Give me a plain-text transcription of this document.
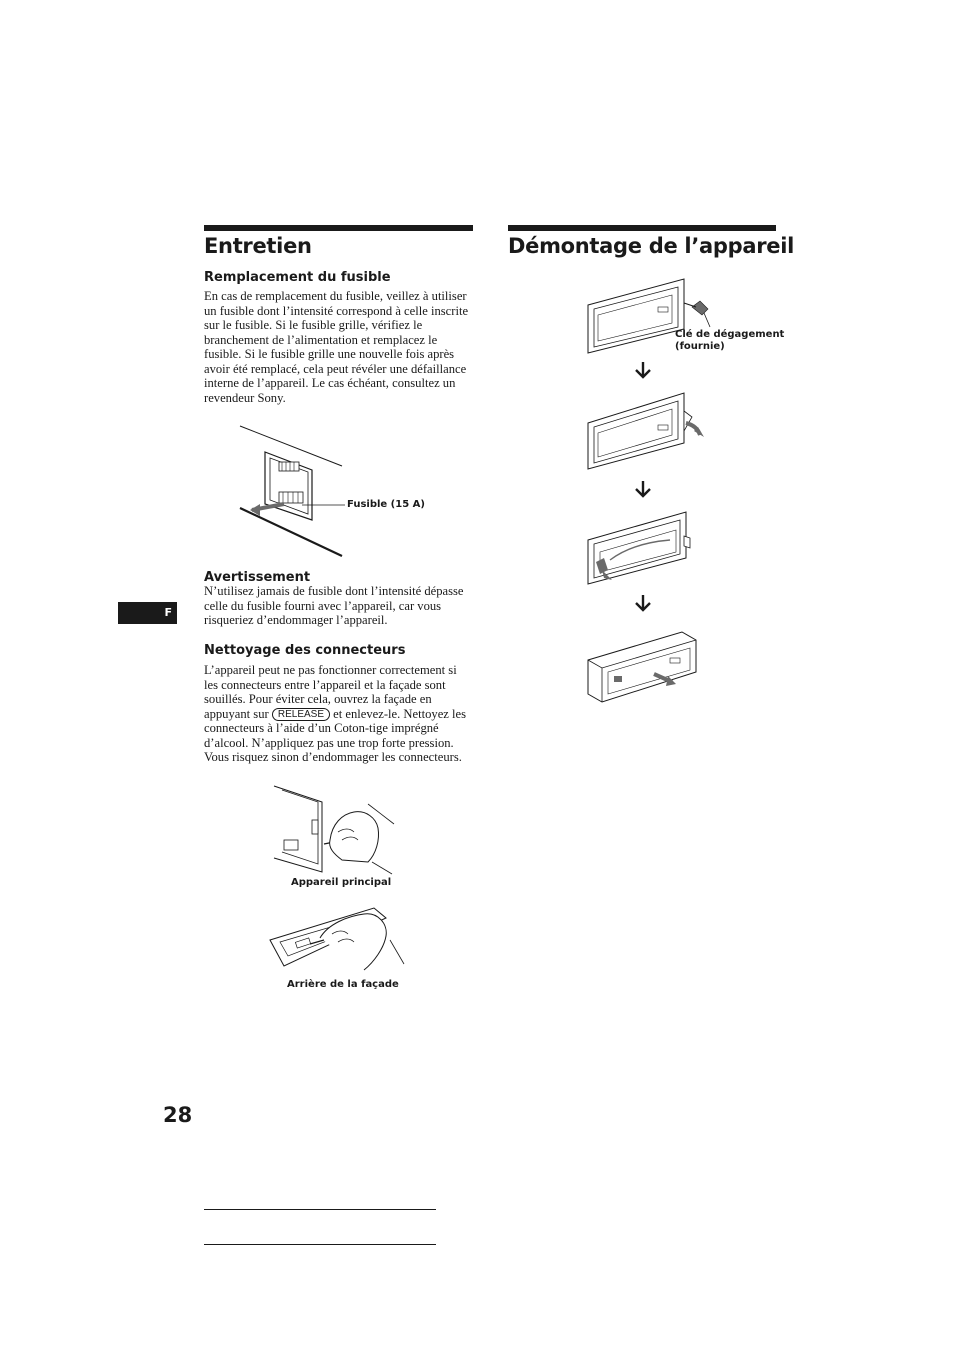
Entretien
Remplacement du fusible

En cas de remplacement du fusible, veillez à utiliser un fusible dont l’intensité correspond à celle inscrite sur le fusible. Si le fusible grille, vérifiez le branchement de l’alimentation et remplacez le fusible. Si le fusible grille une nouvelle fois après avoir été remplacé, cela peut révéler une défaillance interne de l’appareil. Le cas échéant, consultez un revendeur Sony.

Fusible (15 A)
Avertissement

N’utilisez jamais de fusible dont l’intensité dépasse celle du fusible fourni avec l’appareil, car vous risqueriez d’endommager l’appareil.

Nettoyage des connecteurs

L’appareil peut ne pas fonctionner correctement si les connecteurs entre l’appareil et la façade sont souillés. Pour éviter cela, ouvrez la façade en appuyant sur RELEASE et enlevez-le. Nettoyez les connecteurs à l’aide d’un Coton-tige imprégné d’alcool. N’appliquez pas une trop forte pression. Vous risquez sinon d’endommager les connecteurs.

Appareil principal
Arrière de la façade
Démontage de l’appareil
Clé de dégagement
(fournie)
F
28
